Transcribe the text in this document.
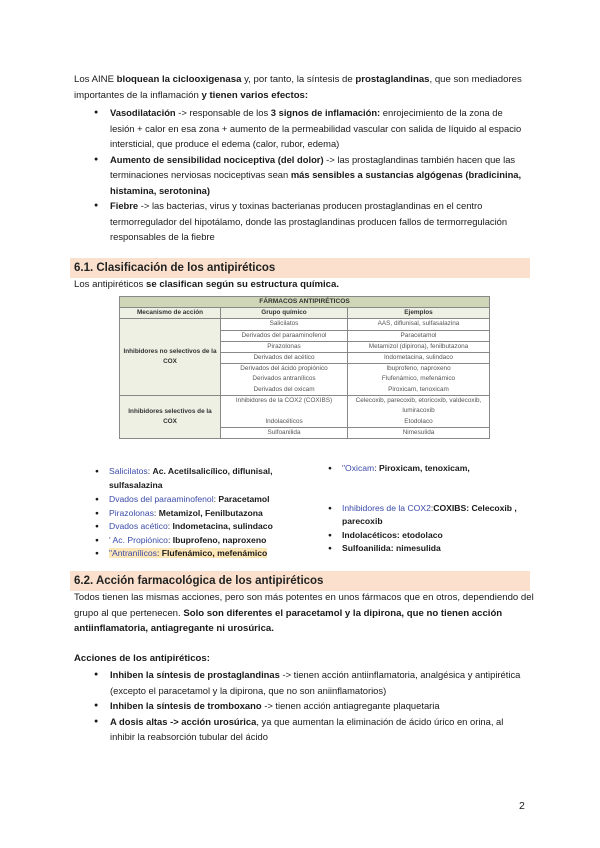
Los AINE bloquean la ciclooxigenasa y, por tanto, la síntesis de prostaglandinas, que son mediadores importantes de la inflamación y tienen varios efectos:
● Vasodilatación -> responsable de los 3 signos de inflamación: enrojecimiento de la zona de lesión + calor en esa zona + aumento de la permeabilidad vascular con salida de líquido al espacio intersticial, que produce el edema (calor, rubor, edema)
● Aumento de sensibilidad nociceptiva (del dolor) -> las prostaglandinas también hacen que las terminaciones nerviosas nociceptivas sean más sensibles a sustancias algógenas (bradicinina, histamina, serotonina)
● Fiebre -> las bacterias, virus y toxinas bacterianas producen prostaglandinas en el centro termorregulador del hipotálamo, donde las prostaglandinas producen fallos de termorregulación responsables de la fiebre
6.1. Clasificación de los antipiréticos
Los antipiréticos se clasifican según su estructura química.
FÁRMACOS ANTIPIRÉTICOS		
Mecanismo de acción	Grupo químico	Ejemplos
Inhibidores no selectivos de la COX	Salicilatos	AAS, diflunisal, sulfasalazina
	Derivados del paraaminofenol	Paracetamol
	Pirazolonas	Metamizol (dipirona), fenilbutazona
	Derivados del acético	Indometacina, sulindaco
	Derivados del ácido propiónico	Ibuprofeno, naproxeno
	Derivados antranílicos	Flufenámico, mefenámico
	Derivados del oxicam	Piroxicam, tenoxicam
Inhibidores selectivos de la COX	Inhibidores de la COX2 (COXIBS)	Celecoxib, parecoxib, etoricoxib, valdecoxib, lumiracoxib
	Indolacéticos	Etodolaco
	Sulfoanilida	Nimesulida
● Salicilatos: Ac. Acetilsalicílico, diflunisal, sulfasalazina
● Dvados del paraaminofenol: Paracetamol
● Pirazolonas: Metamizol, Fenilbutazona
● Dvados acético: Indometacina, sulindaco
● ' Ac. Propiónico: Ibuprofeno, naproxeno
● "Antranílicos: Flufenámico, mefenámico
● "Oxicam: Piroxicam, tenoxicam,
● Inhibidores de la COX2:COXIBS: Celecoxib , parecoxib
● Indolacéticos: etodolaco
● Sulfoanilida: nimesulida
6.2. Acción farmacológica de los antipiréticos
Todos tienen las mismas acciones, pero son más potentes en unos fármacos que en otros, dependiendo del grupo al que pertenecen. Solo son diferentes el paracetamol y la dipirona, que no tienen acción antiinflamatoria, antiagregante ni urosúrica.
Acciones de los antipiréticos:
● Inhiben la síntesis de prostaglandinas -> tienen acción antiinflamatoria, analgésica y antipirética (excepto el paracetamol y la dipirona, que no son aniinflamatorios)
● Inhiben la síntesis de tromboxano -> tienen acción antiagregante plaquetaria
● A dosis altas -> acción urosúrica, ya que aumentan la eliminación de ácido úrico en orina, al inhibir la reabsorción tubular del ácido
2
